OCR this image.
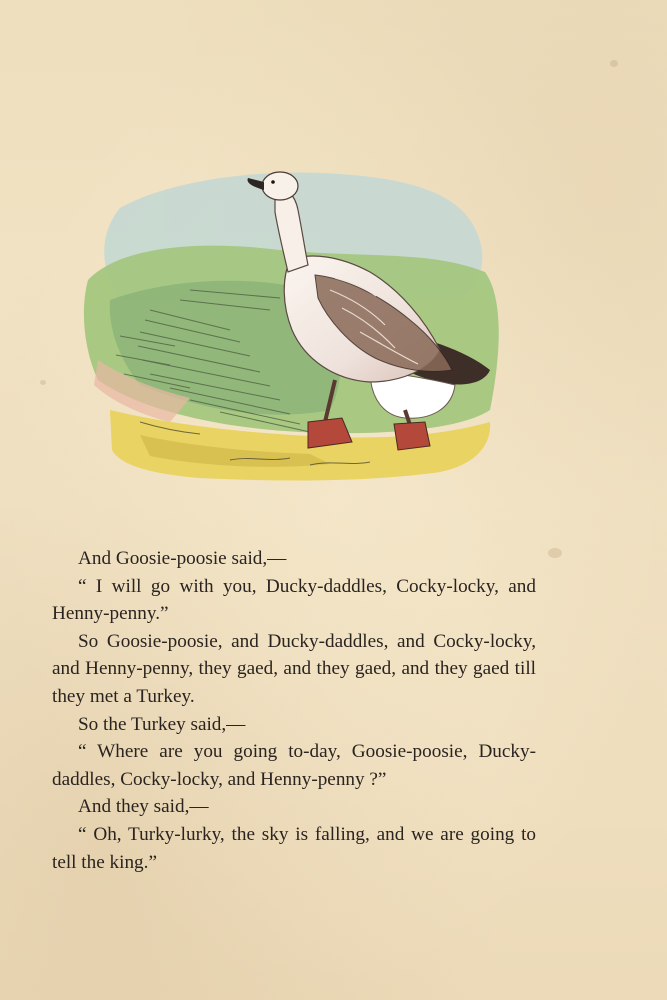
And Goosie-poosie said,—

“ I will go with you, Ducky-daddles, Cocky-locky, and Henny-penny.”

So Goosie-poosie, and Ducky-daddles, and Cocky-locky, and Henny-penny, they gaed, and they gaed, and they gaed till they met a Turkey.

So the Turkey said,—

“ Where are you going to-day, Goosie-poosie, Ducky-daddles, Cocky-locky, and Henny-penny ?”

And they said,—

“ Oh, Turky-lurky, the sky is falling, and we are going to tell the king.”
